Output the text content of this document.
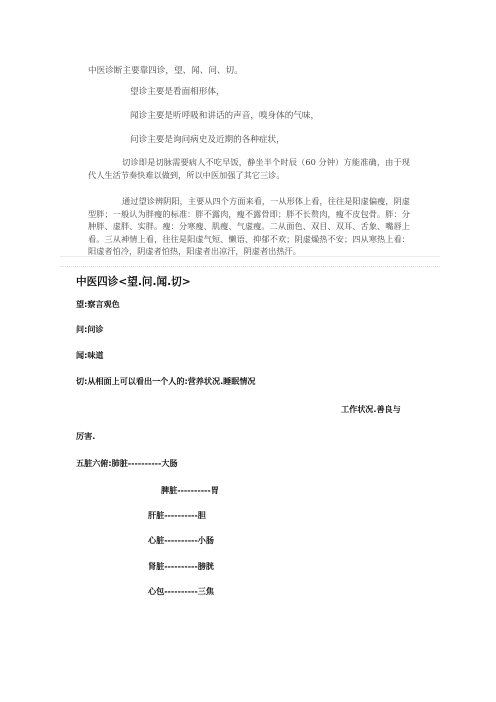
中医诊断主要靠四诊，望、闻、问、切。
望诊主要是看面相形体，
闻诊主要是听呼吸和讲话的声音，嗅身体的气味，
问诊主要是询问病史及近期的各种症状，
切诊即是切脉需要病人不吃早饭，静坐半个时辰（60 分钟）方能准确，由于现代人生活节奏快难以做到，所以中医加强了其它三诊。
通过望诊辨阴阳，主要从四个方面来看，一从形体上看，往往是阳虚偏瘦，阴虚型胖；一般认为胖瘦的标准：胖不露肉，瘦不露骨即；胖不长赘肉，瘦不皮包骨。胖：分肿胖、虚胖、实胖。瘦：分寒瘦、肌瘦、气虚瘦。二从面色、双目、双耳、舌象、嘴唇上看。三从神情上看，往往是阳虚气短、懒语、抑郁不欢；阴虚燥热不安；四从寒热上看：阳虚者怕冷，阴虚者怕热，阳虚者出凉汗，阴虚者出热汗。
中医四诊<望.问.闻.切>
望:察言观色
问:问诊
闻:味道
切:从相面上可以看出一个人的:营养状况.睡眠情况
工作状况.善良与
厉害.
五脏六俯:肺脏----------大肠
脾脏----------胃
肝脏----------胆
心脏----------小肠
肾脏----------膀胱
心包----------三焦
